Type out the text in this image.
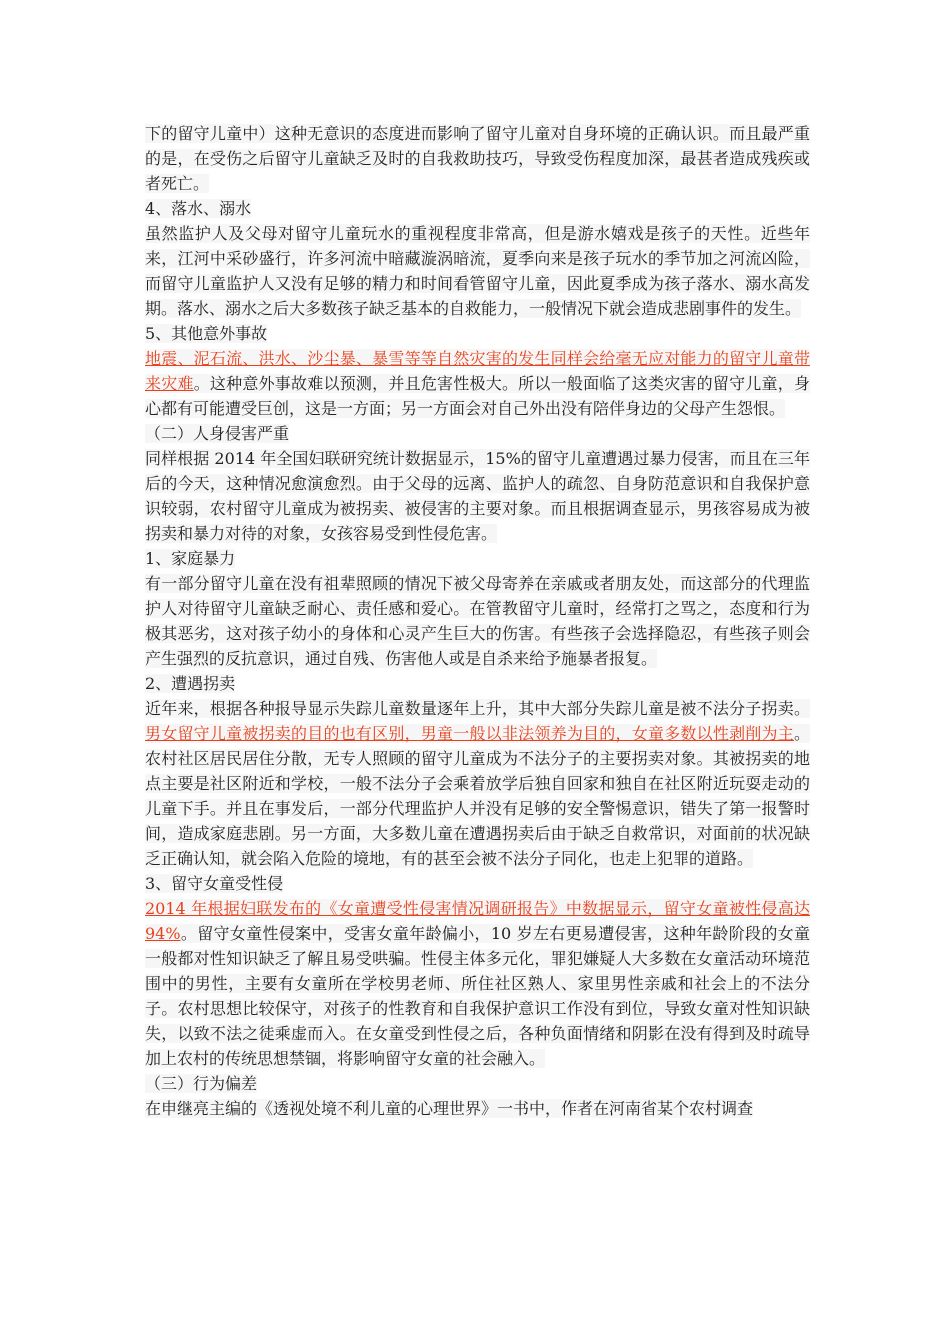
下的留守儿童中）这种无意识的态度进而影响了留守儿童对自身环境的正确认识。而且最严重的是，在受伤之后留守儿童缺乏及时的自我救助技巧，导致受伤程度加深，最甚者造成残疾或者死亡。

4、落水、溺水

虽然监护人及父母对留守儿童玩水的重视程度非常高，但是游水嬉戏是孩子的天性。近些年来，江河中采砂盛行，许多河流中暗藏漩涡暗流，夏季向来是孩子玩水的季节加之河流凶险，而留守儿童监护人又没有足够的精力和时间看管留守儿童，因此夏季成为孩子落水、溺水高发期。落水、溺水之后大多数孩子缺乏基本的自救能力，一般情况下就会造成悲剧事件的发生。

5、其他意外事故

地震、泥石流、洪水、沙尘暴、暴雪等等自然灾害的发生同样会给毫无应对能力的留守儿童带来灾难。这种意外事故难以预测，并且危害性极大。所以一般面临了这类灾害的留守儿童，身心都有可能遭受巨创，这是一方面；另一方面会对自己外出没有陪伴身边的父母产生怨恨。

（二）人身侵害严重

同样根据 2014 年全国妇联研究统计数据显示，15%的留守儿童遭遇过暴力侵害，而且在三年后的今天，这种情况愈演愈烈。由于父母的远离、监护人的疏忽、自身防范意识和自我保护意识较弱，农村留守儿童成为被拐卖、被侵害的主要对象。而且根据调查显示，男孩容易成为被拐卖和暴力对待的对象，女孩容易受到性侵危害。

1、家庭暴力

有一部分留守儿童在没有祖辈照顾的情况下被父母寄养在亲戚或者朋友处，而这部分的代理监护人对待留守儿童缺乏耐心、责任感和爱心。在管教留守儿童时，经常打之骂之，态度和行为极其恶劣，这对孩子幼小的身体和心灵产生巨大的伤害。有些孩子会选择隐忍，有些孩子则会产生强烈的反抗意识，通过自残、伤害他人或是自杀来给予施暴者报复。

2、遭遇拐卖

近年来，根据各种报导显示失踪儿童数量逐年上升，其中大部分失踪儿童是被不法分子拐卖。男女留守儿童被拐卖的目的也有区别，男童一般以非法领养为目的，女童多数以性剥削为主。农村社区居民居住分散，无专人照顾的留守儿童成为不法分子的主要拐卖对象。其被拐卖的地点主要是社区附近和学校，一般不法分子会乘着放学后独自回家和独自在社区附近玩耍走动的儿童下手。并且在事发后，一部分代理监护人并没有足够的安全警惕意识，错失了第一报警时间，造成家庭悲剧。另一方面，大多数儿童在遭遇拐卖后由于缺乏自救常识，对面前的状况缺乏正确认知，就会陷入危险的境地，有的甚至会被不法分子同化，也走上犯罪的道路。

3、留守女童受性侵

2014 年根据妇联发布的《女童遭受性侵害情况调研报告》中数据显示，留守女童被性侵高达 94%。留守女童性侵案中，受害女童年龄偏小，10 岁左右更易遭侵害，这种年龄阶段的女童一般都对性知识缺乏了解且易受哄骗。性侵主体多元化，罪犯嫌疑人大多数在女童活动环境范围中的男性，主要有女童所在学校男老师、所住社区熟人、家里男性亲戚和社会上的不法分子。农村思想比较保守，对孩子的性教育和自我保护意识工作没有到位，导致女童对性知识缺失，以致不法之徒乘虚而入。在女童受到性侵之后，各种负面情绪和阴影在没有得到及时疏导加上农村的传统思想禁锢，将影响留守女童的社会融入。

（三）行为偏差

在申继亮主编的《透视处境不利儿童的心理世界》一书中，作者在河南省某个农村调查
